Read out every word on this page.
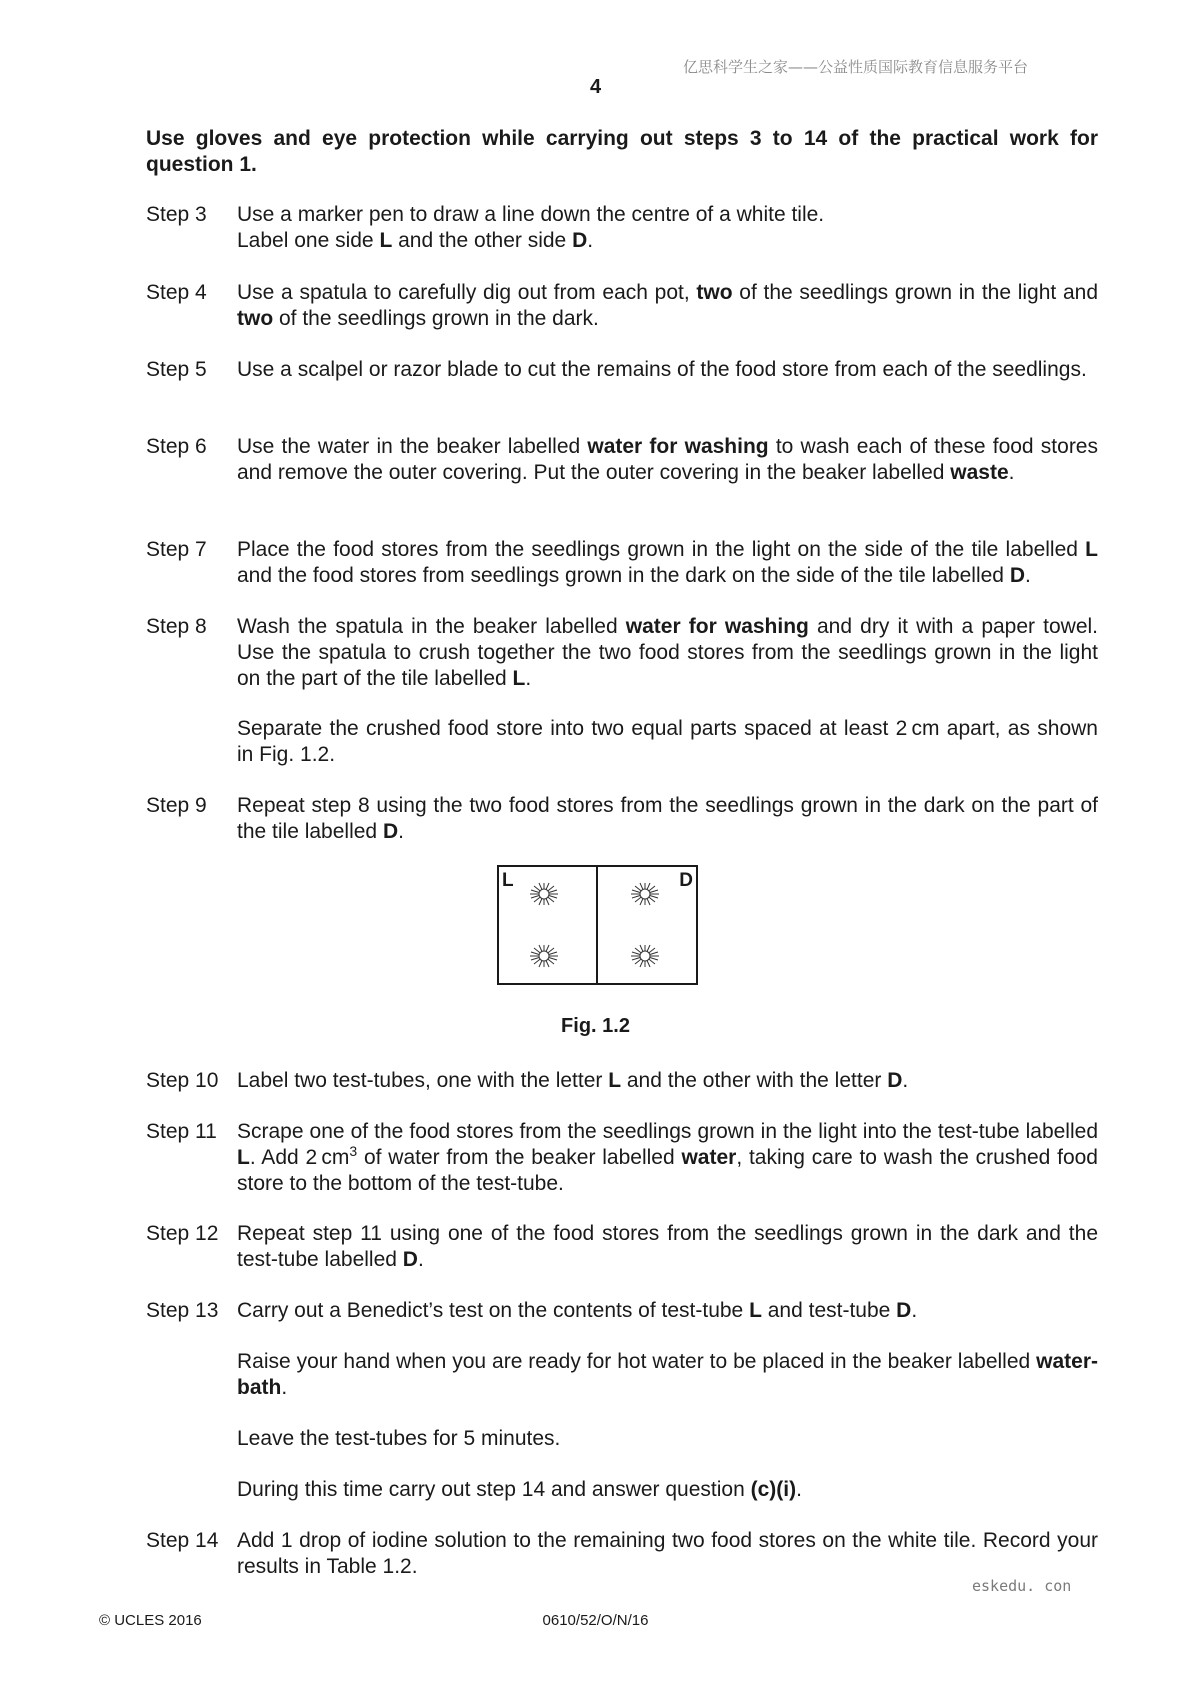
亿思科学生之家——公益性质国际教育信息服务平台
4
Use gloves and eye protection while carrying out steps 3 to 14 of the practical work for question 1.
Step 3 Use a marker pen to draw a line down the centre of a white tile.
Label one side L and the other side D.
Step 4 Use a spatula to carefully dig out from each pot, two of the seedlings grown in the light and two of the seedlings grown in the dark.
Step 5 Use a scalpel or razor blade to cut the remains of the food store from each of the seedlings.
Step 6 Use the water in the beaker labelled water for washing to wash each of these food stores and remove the outer covering. Put the outer covering in the beaker labelled waste.
Step 7 Place the food stores from the seedlings grown in the light on the side of the tile labelled L and the food stores from seedlings grown in the dark on the side of the tile labelled D.
Step 8 Wash the spatula in the beaker labelled water for washing and dry it with a paper towel. Use the spatula to crush together the two food stores from the seedlings grown in the light on the part of the tile labelled L.
Separate the crushed food store into two equal parts spaced at least 2 cm apart, as shown in Fig. 1.2.
Step 9 Repeat step 8 using the two food stores from the seedlings grown in the dark on the part of the tile labelled D.
L	D
Fig. 1.2
Step 10 Label two test-tubes, one with the letter L and the other with the letter D.
Step 11 Scrape one of the food stores from the seedlings grown in the light into the test-tube labelled L. Add 2 $cm^3$ of water from the beaker labelled water, taking care to wash the crushed food store to the bottom of the test-tube.
Step 12 Repeat step 11 using one of the food stores from the seedlings grown in the dark and the test-tube labelled D.
Step 13 Carry out a Benedict’s test on the contents of test-tube L and test-tube D.
Raise your hand when you are ready for hot water to be placed in the beaker labelled water-bath.
Leave the test-tubes for 5 minutes.
During this time carry out step 14 and answer question (c)(i).
Step 14 Add 1 drop of iodine solution to the remaining two food stores on the white tile. Record your results in Table 1.2.
eskedu. con
© UCLES 2016	0610/52/O/N/16
